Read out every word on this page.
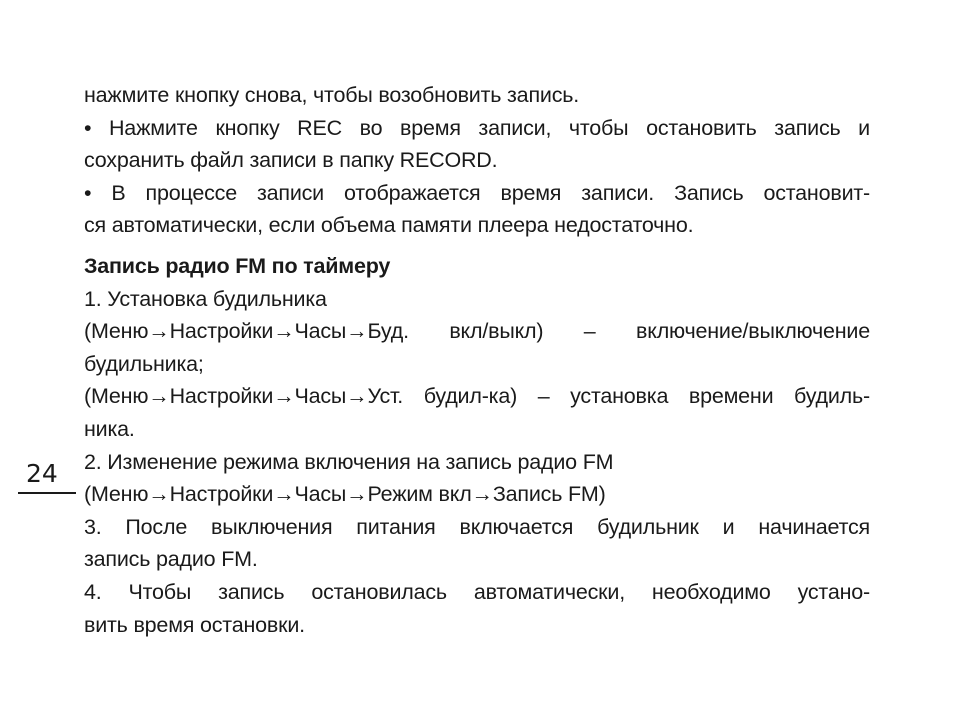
24
нажмите кнопку снова, чтобы возобновить запись.
• Нажмите кнопку REC во время записи, чтобы остановить запись и
сохранить файл записи в папку RECORD.
• В процессе записи отображается время записи. Запись остановит-
ся автоматически, если объема памяти плеера недостаточно.
Запись радио FM по таймеру
1. Установка будильника
(Меню→Настройки→Часы→Буд. вкл/выкл) – включение/выключение
будильника;
(Меню→Настройки→Часы→Уст. будил-ка) – установка времени будиль-
ника.
2. Изменение режима включения на запись радио FM
(Меню→Настройки→Часы→Режим вкл→Запись FM)
3. После выключения питания включается будильник и начинается
запись радио FM.
4. Чтобы запись остановилась автоматически, необходимо устано-
вить время остановки.
